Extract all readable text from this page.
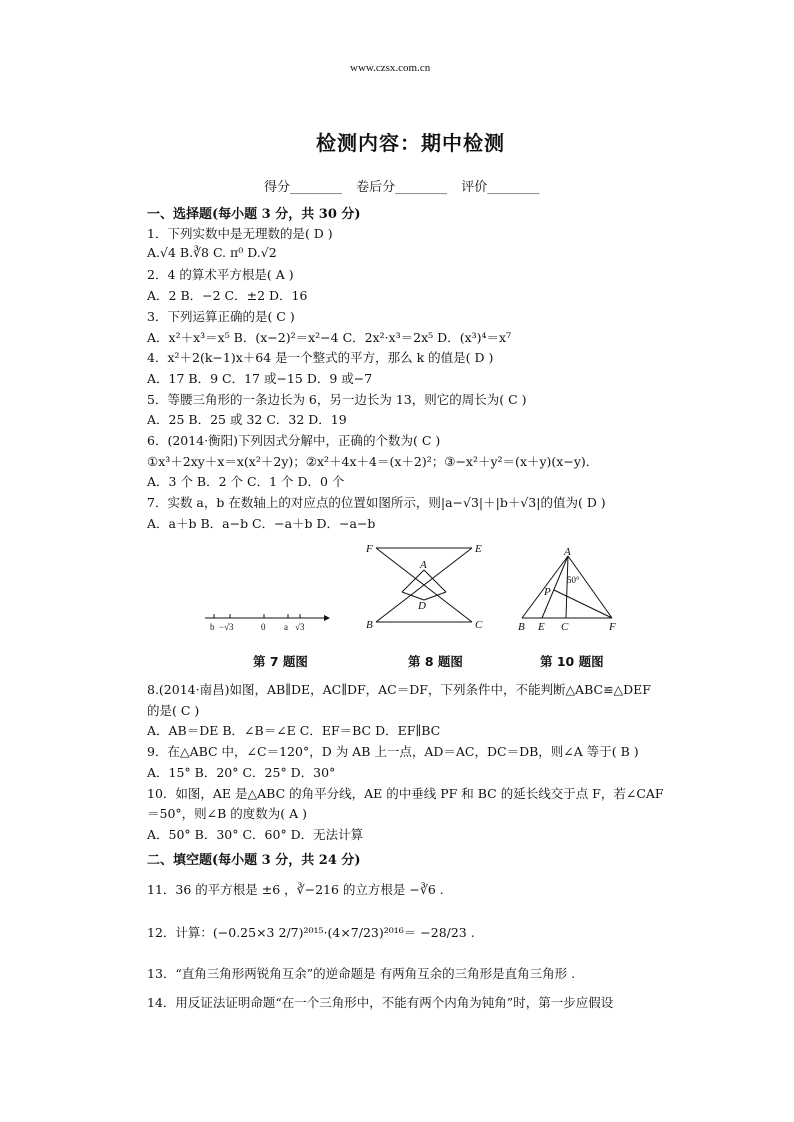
www.czsx.com.cn
检测内容：期中检测
得分________ 卷后分________ 评价________
一、选择题(每小题 3 分，共 30 分)
1．下列实数中是无理数的是( D )
A.√4 B.∛8 C. π⁰ D.√2
2．4 的算术平方根是( A )
A．2 B．−2 C．±2 D．16
3．下列运算正确的是( C )
A．x²＋x³＝x⁵ B．(x−2)²＝x²−4 C．2x²·x³＝2x⁵ D．(x³)⁴＝x⁷
4．x²＋2(k−1)x＋64 是一个整式的平方，那么 k 的值是( D )
A．17 B．9 C．17 或−15 D．9 或−7
5．等腰三角形的一条边长为 6，另一边长为 13，则它的周长为( C )
A．25 B．25 或 32 C．32 D．19
6．(2014·衡阳)下列因式分解中，正确的个数为( C )
①x³＋2xy＋x＝x(x²＋2y)；②x²＋4x＋4＝(x＋2)²；③−x²＋y²＝(x＋y)(x−y)．
A．3 个 B．2 个 C．1 个 D．0 个
7．实数 a，b 在数轴上的对应点的位置如图所示，则|a−√3|＋|b＋√3|的值为( D )
A．a＋b B．a−b C．−a＋b D．−a−b
b −√3	0 a √3
F	E
A
D
B	C
A
50°
P
B E C	F
第 7 题图	第 8 题图	第 10 题图
8.(2014·南昌)如图，AB∥DE，AC∥DF，AC＝DF，下列条件中，不能判断△ABC≌△DEF
的是( C )
A．AB＝DE B．∠B＝∠E C．EF＝BC D．EF∥BC
9．在△ABC 中，∠C＝120°，D 为 AB 上一点，AD＝AC，DC＝DB，则∠A 等于( B )
A．15° B．20° C．25° D．30°
10．如图，AE 是△ABC 的角平分线，AE 的中垂线 PF 和 BC 的延长线交于点 F，若∠CAF
＝50°，则∠B 的度数为( A )
A．50° B．30° C．60° D．无法计算
二、填空题(每小题 3 分，共 24 分)
11．36 的平方根是 ±6 ，∛−216 的立方根是 −∛6 .
12．计算：(−0.25×3 2/7)²⁰¹⁵·(4×7/23)²⁰¹⁶＝ −28/23 .
13．“直角三角形两锐角互余”的逆命题是 有两角互余的三角形是直角三角形 .
14．用反证法证明命题“在一个三角形中，不能有两个内角为钝角”时，第一步应假设
